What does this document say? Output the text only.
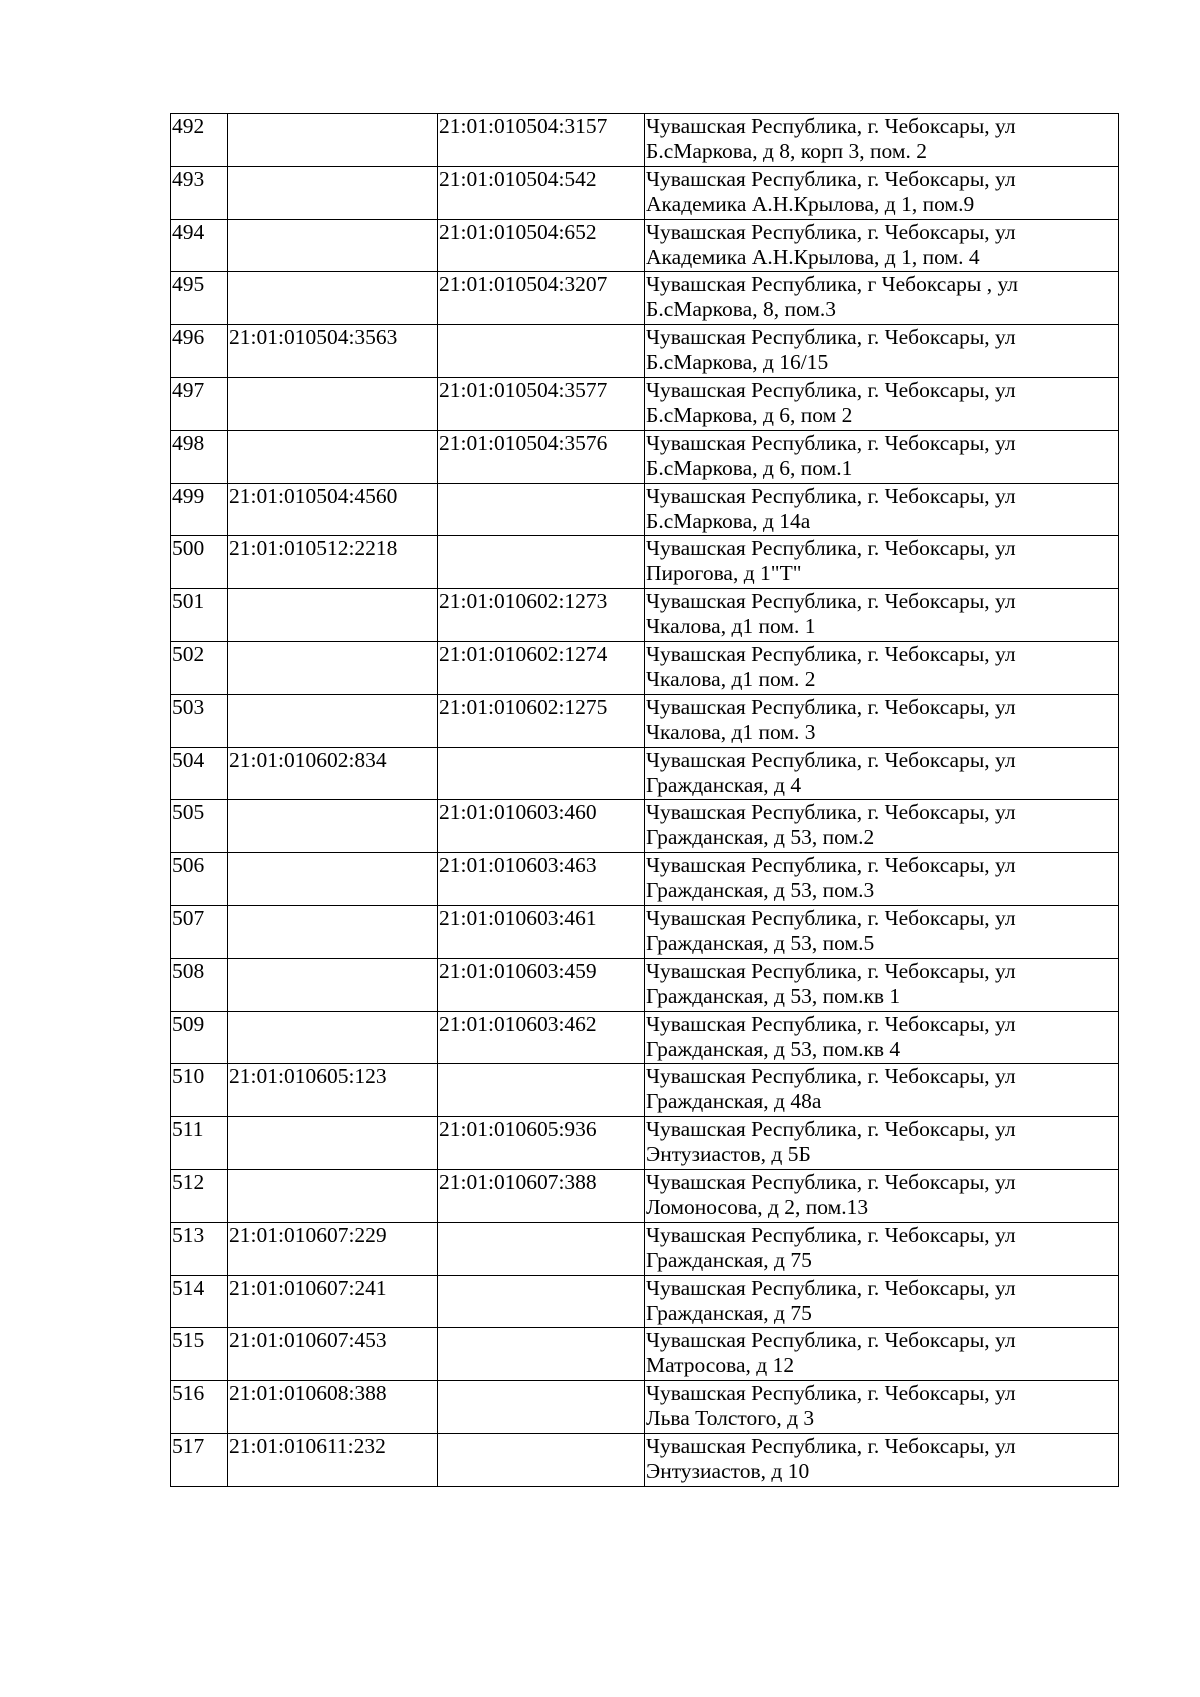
492		21:01:010504:3157	Чувашская Республика, г. Чебоксары, ул
Б.сМаркова, д 8, корп 3, пом. 2

493		21:01:010504:542	Чувашская Республика, г. Чебоксары, ул
Академика А.Н.Крылова, д 1, пом.9

494		21:01:010504:652	Чувашская Республика, г. Чебоксары, ул
Академика А.Н.Крылова, д 1, пом. 4

495		21:01:010504:3207	Чувашская Республика, г Чебоксары , ул
Б.сМаркова, 8, пом.3

496	21:01:010504:3563		Чувашская Республика, г. Чебоксары, ул
Б.сМаркова, д 16/15

497		21:01:010504:3577	Чувашская Республика, г. Чебоксары, ул
Б.сМаркова, д 6, пом 2

498		21:01:010504:3576	Чувашская Республика, г. Чебоксары, ул
Б.сМаркова, д 6, пом.1

499	21:01:010504:4560		Чувашская Республика, г. Чебоксары, ул
Б.сМаркова, д 14а

500	21:01:010512:2218		Чувашская Республика, г. Чебоксары, ул
Пирогова, д 1"Т"

501		21:01:010602:1273	Чувашская Республика, г. Чебоксары, ул
Чкалова, д1 пом. 1

502		21:01:010602:1274	Чувашская Республика, г. Чебоксары, ул
Чкалова, д1 пом. 2

503		21:01:010602:1275	Чувашская Республика, г. Чебоксары, ул
Чкалова, д1 пом. 3

504	21:01:010602:834		Чувашская Республика, г. Чебоксары, ул
Гражданская, д 4

505		21:01:010603:460	Чувашская Республика, г. Чебоксары, ул
Гражданская, д 53, пом.2

506		21:01:010603:463	Чувашская Республика, г. Чебоксары, ул
Гражданская, д 53, пом.3

507		21:01:010603:461	Чувашская Республика, г. Чебоксары, ул
Гражданская, д 53, пом.5

508		21:01:010603:459	Чувашская Республика, г. Чебоксары, ул
Гражданская, д 53, пом.кв 1

509		21:01:010603:462	Чувашская Республика, г. Чебоксары, ул
Гражданская, д 53, пом.кв 4

510	21:01:010605:123		Чувашская Республика, г. Чебоксары, ул
Гражданская, д 48а

511		21:01:010605:936	Чувашская Республика, г. Чебоксары, ул
Энтузиастов, д 5Б

512		21:01:010607:388	Чувашская Республика, г. Чебоксары, ул
Ломоносова, д 2, пом.13

513	21:01:010607:229		Чувашская Республика, г. Чебоксары, ул
Гражданская, д 75

514	21:01:010607:241		Чувашская Республика, г. Чебоксары, ул
Гражданская, д 75

515	21:01:010607:453		Чувашская Республика, г. Чебоксары, ул
Матросова, д 12

516	21:01:010608:388		Чувашская Республика, г. Чебоксары, ул
Льва Толстого, д 3

517	21:01:010611:232		Чувашская Республика, г. Чебоксары, ул
Энтузиастов, д 10
